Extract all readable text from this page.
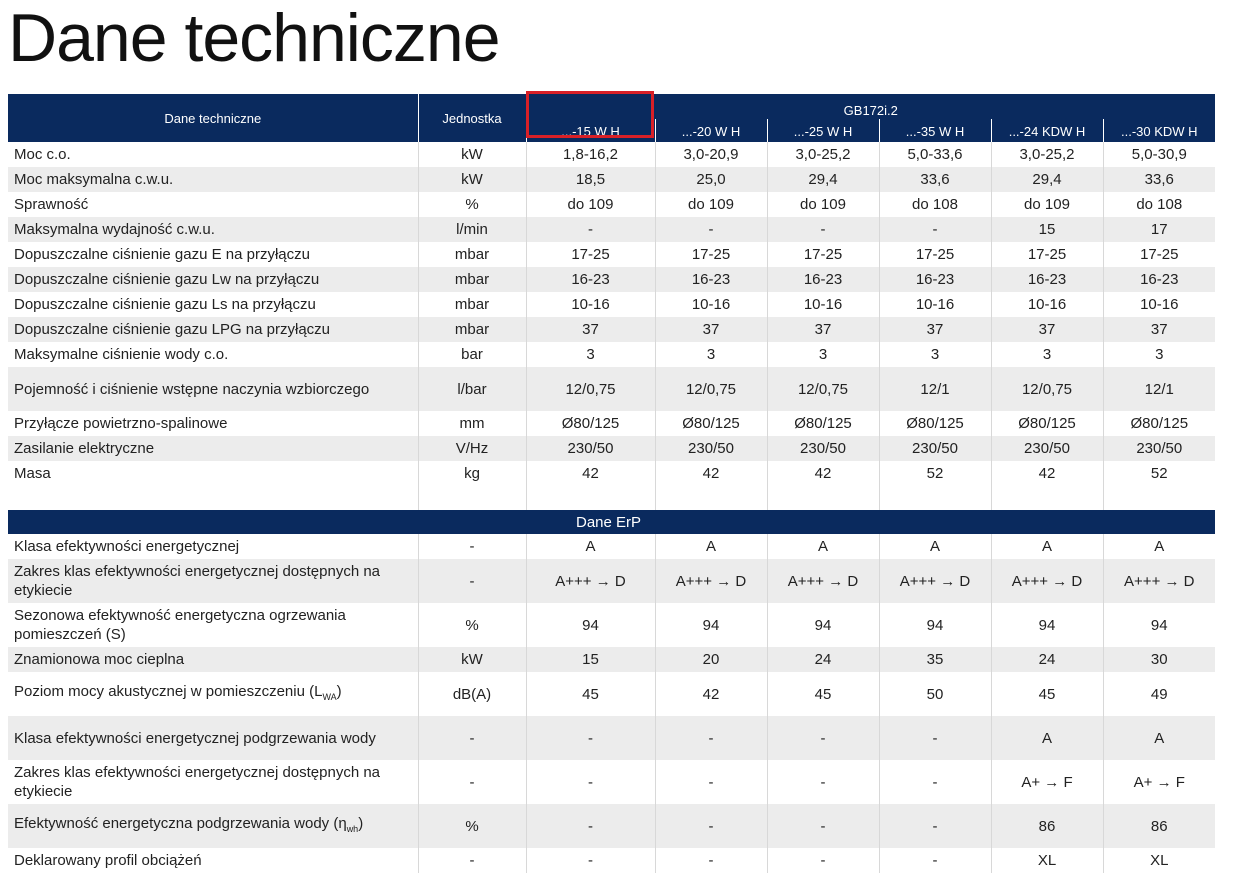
Dane techniczne
Dane techniczne	Jednostka	GB172i.2					
		...-15 W H	...-20 W H	...-25 W H	...-35 W H	...-24 KDW H	...-30 KDW H
Moc c.o.	kW	1,8-16,2	3,0-20,9	3,0-25,2	5,0-33,6	3,0-25,2	5,0-30,9
Moc maksymalna c.w.u.	kW	18,5	25,0	29,4	33,6	29,4	33,6
Sprawność	%	do 109	do 109	do 109	do 108	do 109	do 108
Maksymalna wydajność c.w.u.	l/min	-	-	-	-	15	17
Dopuszczalne ciśnienie gazu E na przyłączu	mbar	17-25	17-25	17-25	17-25	17-25	17-25
Dopuszczalne ciśnienie gazu Lw na przyłączu	mbar	16-23	16-23	16-23	16-23	16-23	16-23
Dopuszczalne ciśnienie gazu Ls na przyłączu	mbar	10-16	10-16	10-16	10-16	10-16	10-16
Dopuszczalne ciśnienie gazu LPG na przyłączu	mbar	37	37	37	37	37	37
Maksymalne ciśnienie wody c.o.	bar	3	3	3	3	3	3
Pojemność i ciśnienie wstępne naczynia wzbiorczego	l/bar	12/0,75	12/0,75	12/0,75	12/1	12/0,75	12/1
Przyłącze powietrzno-spalinowe	mm	Ø80/125	Ø80/125	Ø80/125	Ø80/125	Ø80/125	Ø80/125
Zasilanie elektryczne	V/Hz	230/50	230/50	230/50	230/50	230/50	230/50
Masa	kg	42	42	42	52	42	52

		Dane ErP					
Klasa efektywności energetycznej	-	A	A	A	A	A	A
Zakres klas efektywności energetycznej dostępnych na etykiecie	-	A+++ → D	A+++ → D	A+++ → D	A+++ → D	A+++ → D	A+++ → D
Sezonowa efektywność energetyczna ogrzewania pomieszczeń (S)	%	94	94	94	94	94	94
Znamionowa moc cieplna	kW	15	20	24	35	24	30
Poziom mocy akustycznej w pomieszczeniu $(L_{WA})$	dB(A)	45	42	45	50	45	49
Klasa efektywności energetycznej podgrzewania wody	-	-	-	-	-	A	A
Zakres klas efektywności energetycznej dostępnych na etykiecie	-	-	-	-	-	A+ → F	A+ → F
Efektywność energetyczna podgrzewania wody $(\eta_{wh})$	%	-	-	-	-	86	86
Deklarowany profil obciążeń	-	-	-	-	-	XL	XL
